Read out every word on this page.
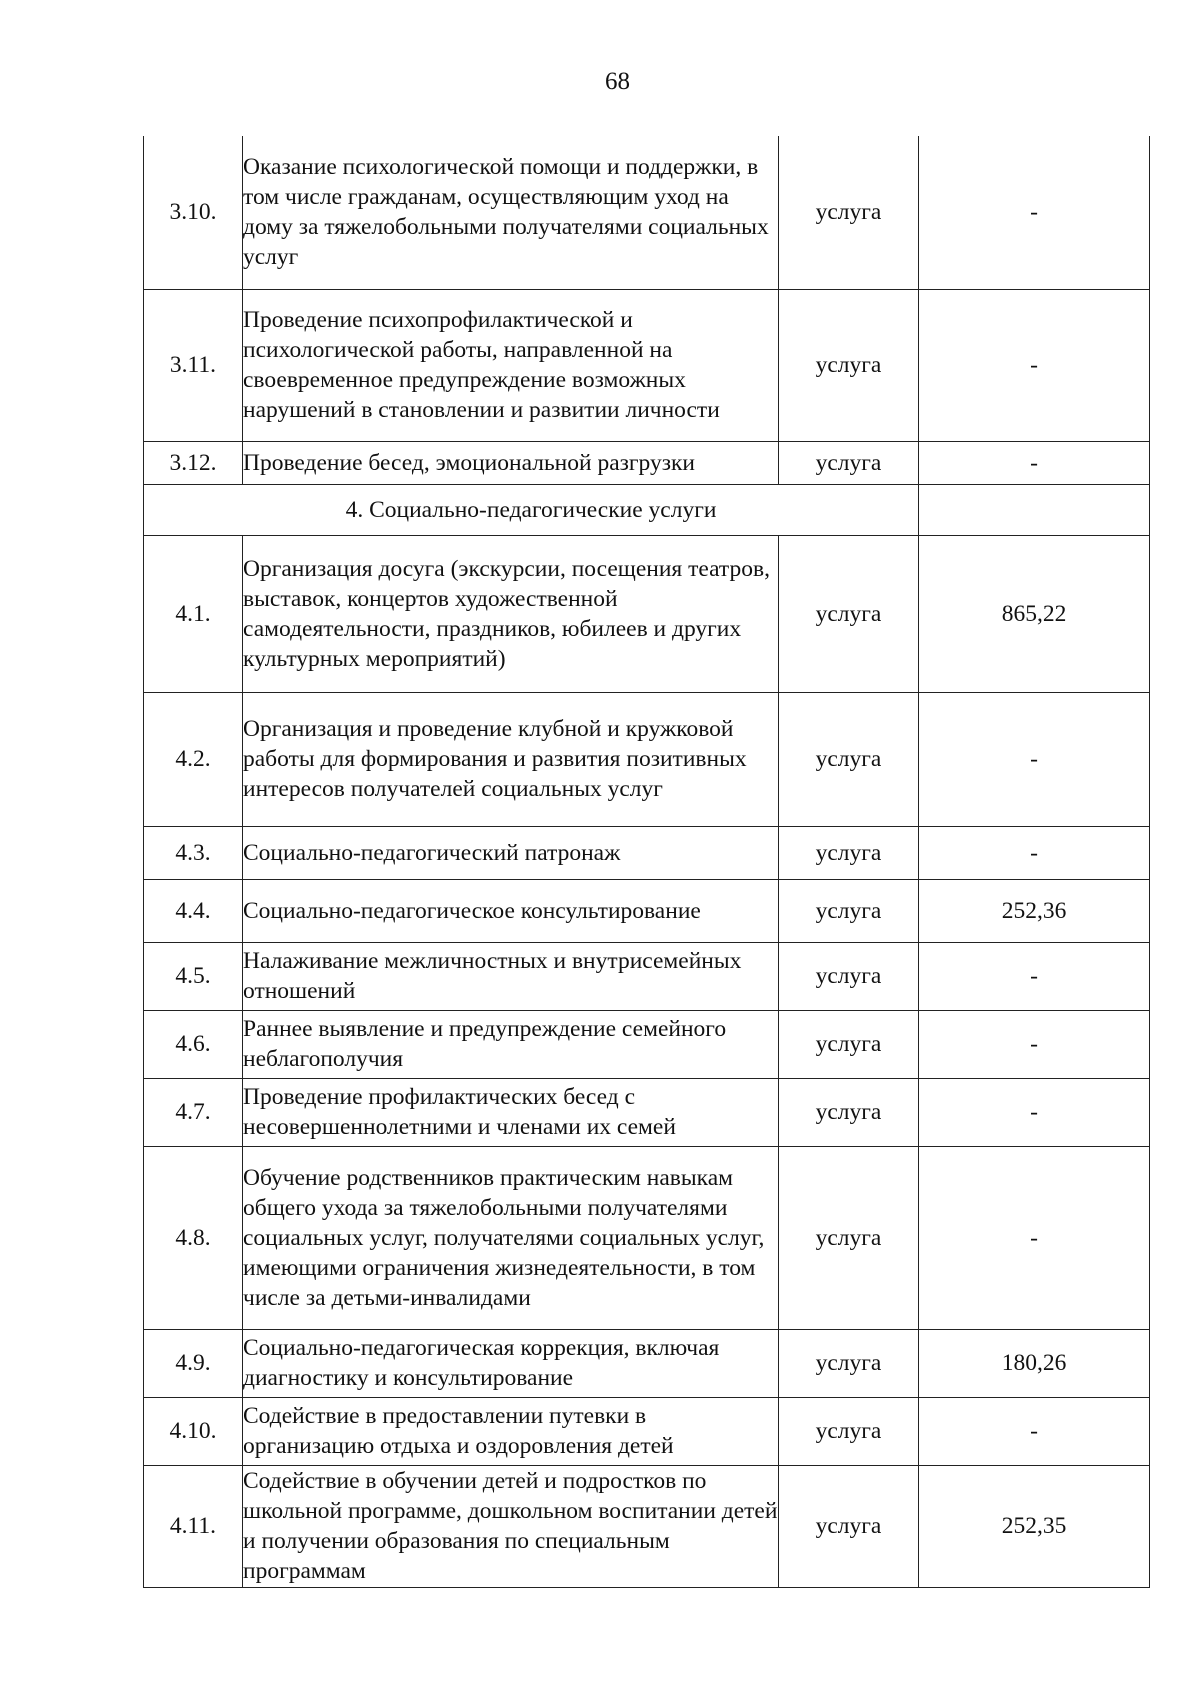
68
3.10.	Оказание психологической помощи и поддержки, в том числе гражданам, осуществляющим уход на дому за тяжелобольными получателями социальных услуг	услуга	-
3.11.	Проведение психопрофилактической и психологической работы, направленной на своевременное предупреждение возможных нарушений в становлении и развитии личности	услуга	-
3.12.	Проведение бесед, эмоциональной разгрузки	услуга	-
4. Социально-педагогические услуги			
4.1.	Организация досуга (экскурсии, посещения театров, выставок, концертов художественной самодеятельности, праздников, юбилеев и других культурных мероприятий)	услуга	865,22
4.2.	Организация и проведение клубной и кружковой работы для формирования и развития позитивных интересов получателей социальных услуг	услуга	-
4.3.	Социально-педагогический патронаж	услуга	-
4.4.	Социально-педагогическое консультирование	услуга	252,36
4.5.	Налаживание межличностных и внутрисемейных отношений	услуга	-
4.6.	Раннее выявление и предупреждение семейного неблагополучия	услуга	-
4.7.	Проведение профилактических бесед с несовершеннолетними и членами их семей	услуга	-
4.8.	Обучение родственников практическим навыкам общего ухода за тяжелобольными получателями социальных услуг, получателями социальных услуг, имеющими ограничения жизнедеятельности, в том числе за детьми-инвалидами	услуга	-
4.9.	Социально-педагогическая коррекция, включая диагностику и консультирование	услуга	180,26
4.10.	Содействие в предоставлении путевки в организацию отдыха и оздоровления детей	услуга	-
4.11.	Содействие в обучении детей и подростков по школьной программе, дошкольном воспитании детей и получении образования по специальным программам	услуга	252,35
